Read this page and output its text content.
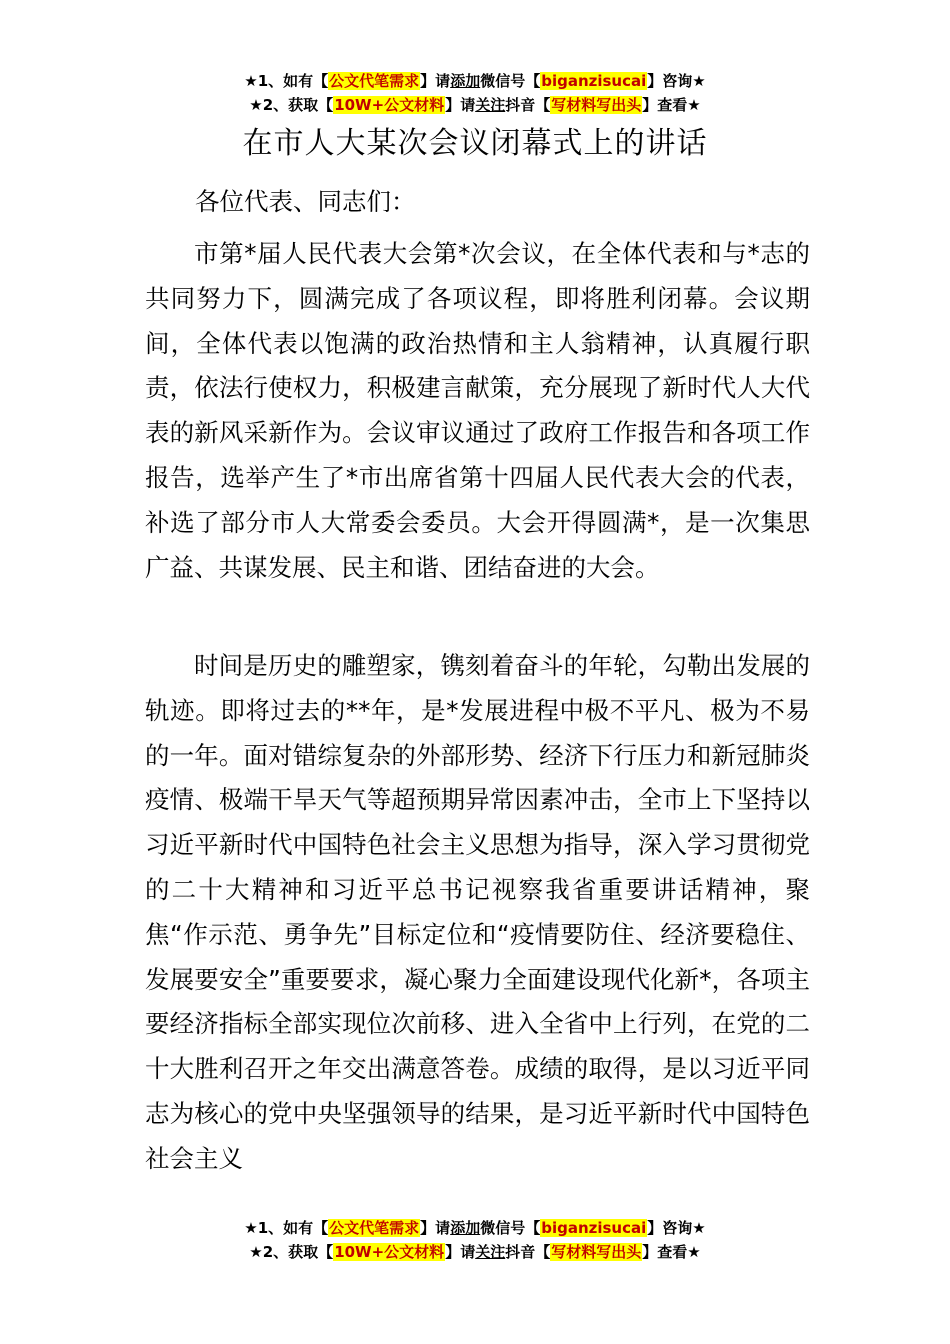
★1、如有【公文代笔需求】请添加微信号【biganzisucai】咨询★
★2、获取【10W+公文材料】请关注抖音【写材料写出头】查看★
在市人大某次会议闭幕式上的讲话
各位代表、同志们：

市第*届人民代表大会第*次会议，在全体代表和与*志的共同努力下，圆满完成了各项议程，即将胜利闭幕。会议期间，全体代表以饱满的政治热情和主人翁精神，认真履行职责，依法行使权力，积极建言献策，充分展现了新时代人大代表的新风采新作为。会议审议通过了政府工作报告和各项工作报告，选举产生了*市出席省第十四届人民代表大会的代表，补选了部分市人大常委会委员。大会开得圆满*，是一次集思广益、共谋发展、民主和谐、团结奋进的大会。

时间是历史的雕塑家，镌刻着奋斗的年轮，勾勒出发展的轨迹。即将过去的**年，是*发展进程中极不平凡、极为不易的一年。面对错综复杂的外部形势、经济下行压力和新冠肺炎疫情、极端干旱天气等超预期异常因素冲击，全市上下坚持以习近平新时代中国特色社会主义思想为指导，深入学习贯彻党的二十大精神和习近平总书记视察我省重要讲话精神，聚焦“作示范、勇争先”目标定位和“疫情要防住、经济要稳住、发展要安全”重要要求，凝心聚力全面建设现代化新*，各项主要经济指标全部实现位次前移、进入全省中上行列，在党的二十大胜利召开之年交出满意答卷。成绩的取得，是以习近平同志为核心的党中央坚强领导的结果，是习近平新时代中国特色社会主义

★1、如有【公文代笔需求】请添加微信号【biganzisucai】咨询★
★2、获取【10W+公文材料】请关注抖音【写材料写出头】查看★
